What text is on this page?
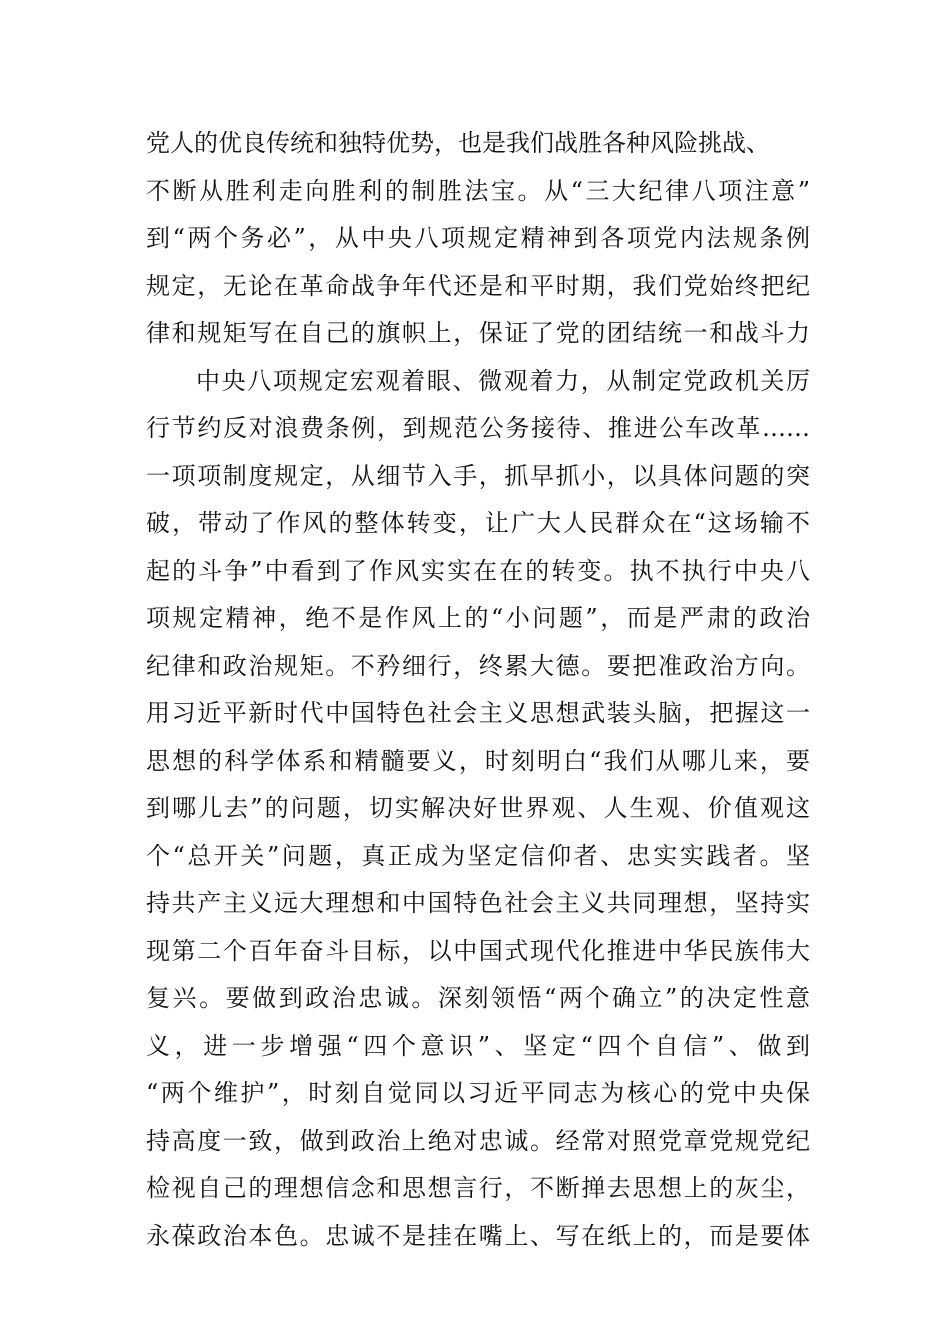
党人的优良传统和独特优势，也是我们战胜各种风险挑战、
不断从胜利走向胜利的制胜法宝。从“三大纪律八项注意”
到“两个务必”，从中央八项规定精神到各项党内法规条例
规定，无论在革命战争年代还是和平时期，我们党始终把纪
律和规矩写在自己的旗帜上，保证了党的团结统一和战斗力
中央八项规定宏观着眼、微观着力，从制定党政机关厉
行节约反对浪费条例，到规范公务接待、推进公车改革……
一项项制度规定，从细节入手，抓早抓小，以具体问题的突
破，带动了作风的整体转变，让广大人民群众在“这场输不
起的斗争”中看到了作风实实在在的转变。执不执行中央八
项规定精神，绝不是作风上的“小问题”，而是严肃的政治
纪律和政治规矩。不矜细行，终累大德。要把准政治方向。
用习近平新时代中国特色社会主义思想武装头脑，把握这一
思想的科学体系和精髓要义，时刻明白“我们从哪儿来，要
到哪儿去”的问题，切实解决好世界观、人生观、价值观这
个“总开关”问题，真正成为坚定信仰者、忠实实践者。坚
持共产主义远大理想和中国特色社会主义共同理想，坚持实
现第二个百年奋斗目标，以中国式现代化推进中华民族伟大
复兴。要做到政治忠诚。深刻领悟“两个确立”的决定性意
义，进一步增强“四个意识”、坚定“四个自信”、做到
“两个维护”，时刻自觉同以习近平同志为核心的党中央保
持高度一致，做到政治上绝对忠诚。经常对照党章党规党纪
检视自己的理想信念和思想言行，不断掸去思想上的灰尘，
永葆政治本色。忠诚不是挂在嘴上、写在纸上的，而是要体
